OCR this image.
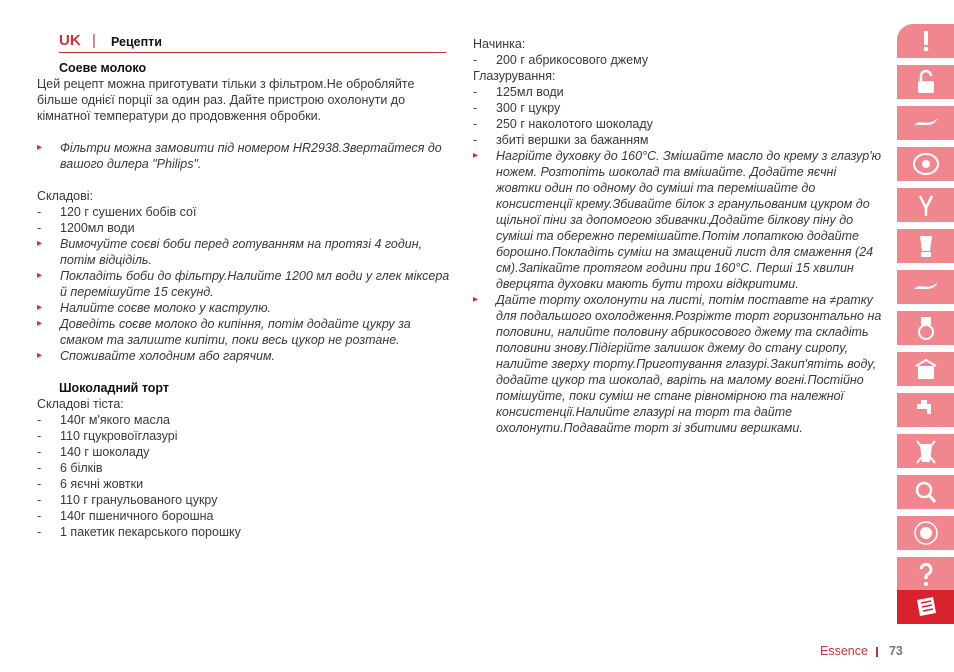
UK | Рецепти
Соеве молоко

Цей рецепт можна приготувати тільки з фільтром.Не обробляйте більше однієї порції за один раз. Дайте пристрою охолонути до кімнатної температури до продовження обробки.

▸ Фільтри можна замовити під номером HR2938.Звертайтеся до вашого дилера "Philips".
Складові:
- 120 г сушених бобів сої
- 1200мл води
▸ Вимочуйте соєві боби перед готуванням на протязі 4 годин, потім відціділь.
▸ Покладіть боби до фільтру.Налийте 1200 мл води у глек міксера й перемішуйте 15 секунд.
▸ Налийте соєве молоко у каструлю.
▸ Доведіть соєве молоко до кипіння, потім додайте цукру за смаком та залиште кипіти, поки весь цукор не розтане.
▸ Споживайте холодним або гарячим.
Шоколадний торт
Складові тіста:
- 140г м'якого масла
- 110 гцукровоїглазурі
- 140 г шоколаду
- 6 білків
- 6 яєчні жовтки
- 110 г гранульованого цукру
- 140г пшеничного борошна
- 1 пакетик пекарського порошку
Начинка:
- 200 г абрикосового джему
Глазурування:
- 125мл води
- 300 г цукру
- 250 г наколотого шоколаду
- збиті вершки за бажанням
▸ Нагрійте духовку до 160°C. Змішайте масло до крему з глазур'ю ножем. Розтопіть шоколад та вмішайте. Додайте яєчні жовтки один по одному до суміші та перемішайте до консистенції крему.Збивайте білок з гранульованим цукром до щільної піни за допомогою збивачки.Додайте білкову піну до суміші та обережно перемішайте.Потім лопаткою додайте борошно.Покладіть суміш на змащений лист для смаження (24 см).Запікайте протягом години при 160°C. Перші 15 хвилин дверцята духовки мають бути трохи відкритими.
▸ Дайте торту охолонути на листі, потім поставте на ≠ратку для подальшого охолодження.Розріжте торт горизонтально на половини, налийте половину абрикосового джему та складіть половини знову.Підігрійте залишок джему до стану сиропу, налийте зверху торту.Приготування глазурі.Закип'ятіть воду, додайте цукор та шоколад, варіть на малому вогні.Постійно помішуйте, поки суміш не стане рівномірною та належної консистенції.Налийте глазурі на торт та дайте охолонути.Подавайте торт зі збитими вершками.
Essence 73
